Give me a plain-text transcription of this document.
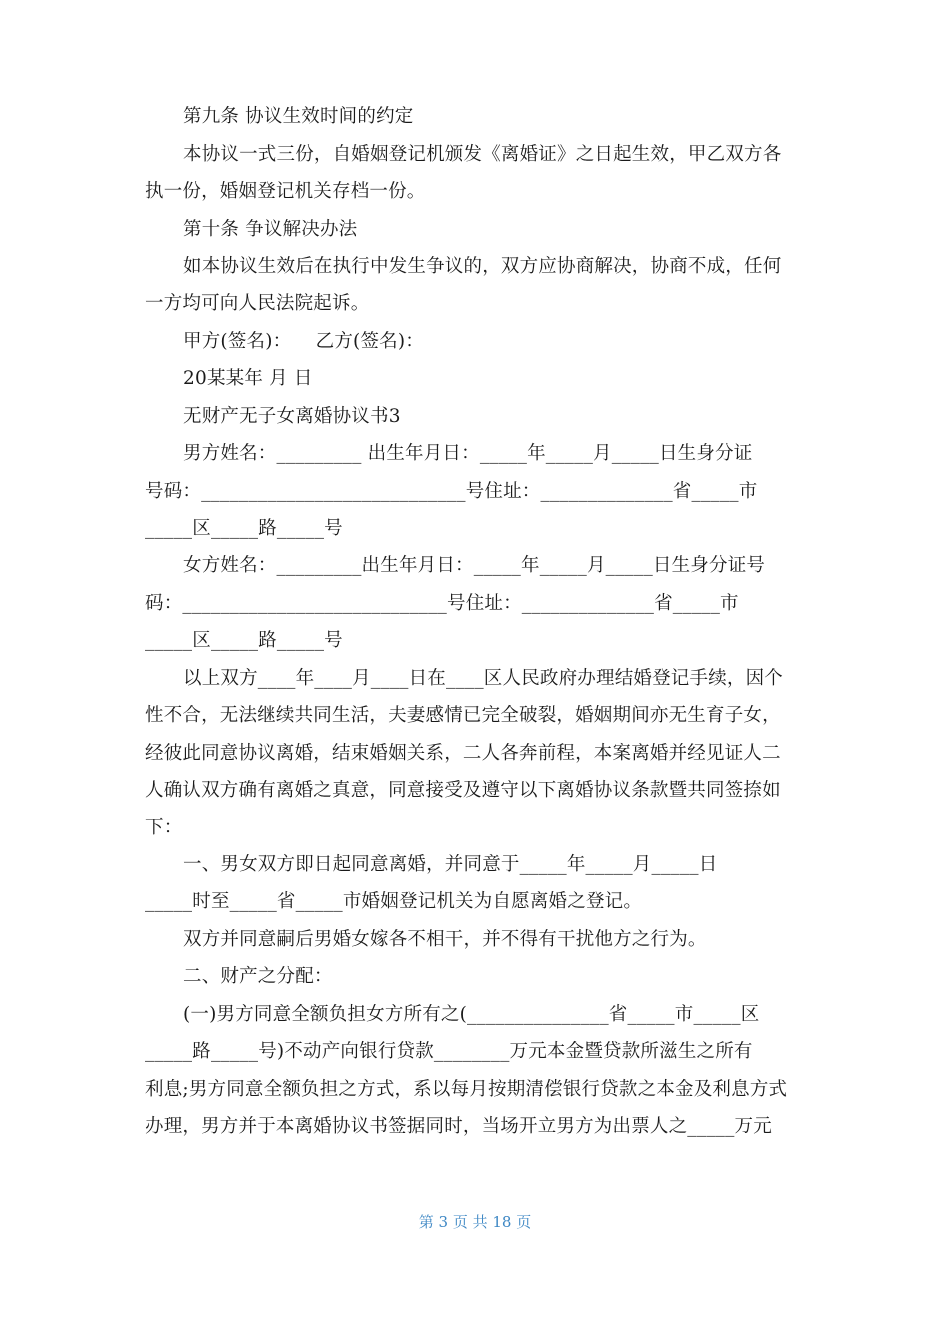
第九条 协议生效时间的约定
本协议一式三份，自婚姻登记机颁发《离婚证》之日起生效，甲乙双方各
执一份，婚姻登记机关存档一份。
第十条 争议解决办法
如本协议生效后在执行中发生争议的，双方应协商解决，协商不成，任何
一方均可向人民法院起诉。
甲方(签名)：    乙方(签名)：
20某某年 月 日
无财产无子女离婚协议书3
男方姓名：_________ 出生年月日：_____年_____月_____日生身分证
号码：____________________________号住址：______________省_____市
_____区_____路_____号
女方姓名：_________出生年月日：_____年_____月_____日生身分证号
码：____________________________号住址：______________省_____市
_____区_____路_____号
以上双方____年____月____日在____区人民政府办理结婚登记手续，因个
性不合，无法继续共同生活，夫妻感情已完全破裂，婚姻期间亦无生育子女，
经彼此同意协议离婚，结束婚姻关系，二人各奔前程，本案离婚并经见证人二
人确认双方确有离婚之真意，同意接受及遵守以下离婚协议条款暨共同签捺如
下：
一、男女双方即日起同意离婚，并同意于_____年_____月_____日
_____时至_____省_____市婚姻登记机关为自愿离婚之登记。
双方并同意嗣后男婚女嫁各不相干，并不得有干扰他方之行为。
二、财产之分配：
(一)男方同意全额负担女方所有之(_______________省_____市_____区
_____路_____号)不动产向银行贷款________万元本金暨贷款所滋生之所有
利息;男方同意全额负担之方式，系以每月按期清偿银行贷款之本金及利息方式
办理，男方并于本离婚协议书签据同时，当场开立男方为出票人之_____万元
第 3 页 共 18 页
